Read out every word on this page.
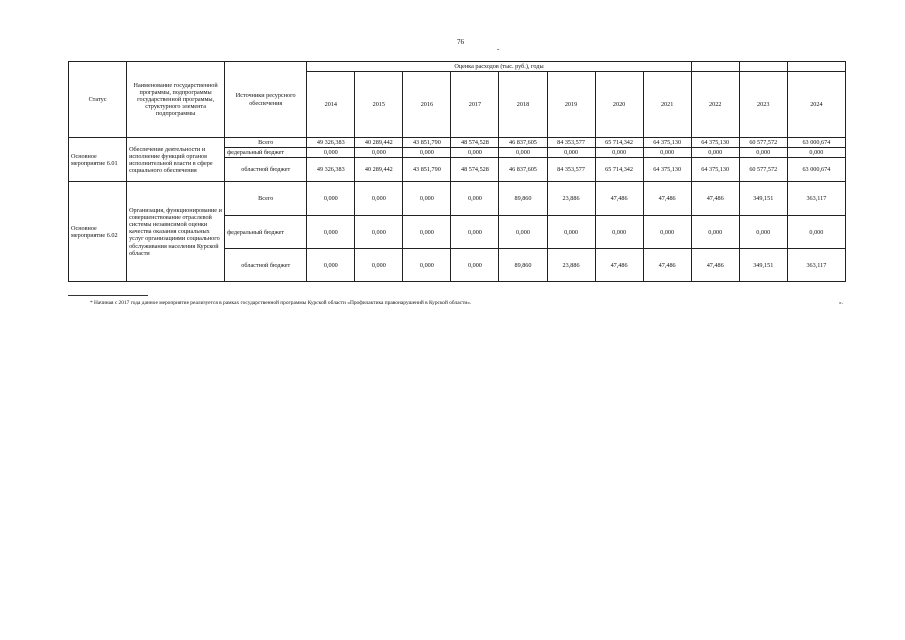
76
-
Статус	Наименование государственной программы, подпрограммы государственной программы, структурного элемента подпрограммы	Источники ресурсного обеспечения	Оценка расходов (тыс. руб.), годы										
			2014	2015	2016	2017	2018	2019	2020	2021	2022	2023	2024
Основное мероприятие 6.01	Обеспечение деятельности и исполнение функций органов исполнительной власти в сфере социального обеспечения	Всего	49 326,383	40 289,442	43 851,790	48 574,528	46 837,605	84 353,577	65 714,342	64 375,130	64 375,130	60 577,572	63 000,674
		федеральный бюджет	0,000	0,000	0,000	0,000	0,000	0,000	0,000	0,000	0,000	0,000	0,000
		областной бюджет	49 326,383	40 289,442	43 851,790	48 574,528	46 837,605	84 353,577	65 714,342	64 375,130	64 375,130	60 577,572	63 000,674
Основное мероприятие 6.02	Организация, функционирование и совершенствование отраслевой системы независимой оценки качества оказания социальных услуг организациями социального обслуживания населения Курской области	Всего	0,000	0,000	0,000	0,000	89,860	23,886	47,486	47,486	47,486	349,151	363,117
		федеральный бюджет	0,000	0,000	0,000	0,000	0,000	0,000	0,000	0,000	0,000	0,000	0,000
		областной бюджет	0,000	0,000	0,000	0,000	89,860	23,886	47,486	47,486	47,486	349,151	363,117
* Начиная с 2017 года данное мероприятие реализуется в рамках государственной программы Курской области «Профилактика правонарушений в Курской области».	».
